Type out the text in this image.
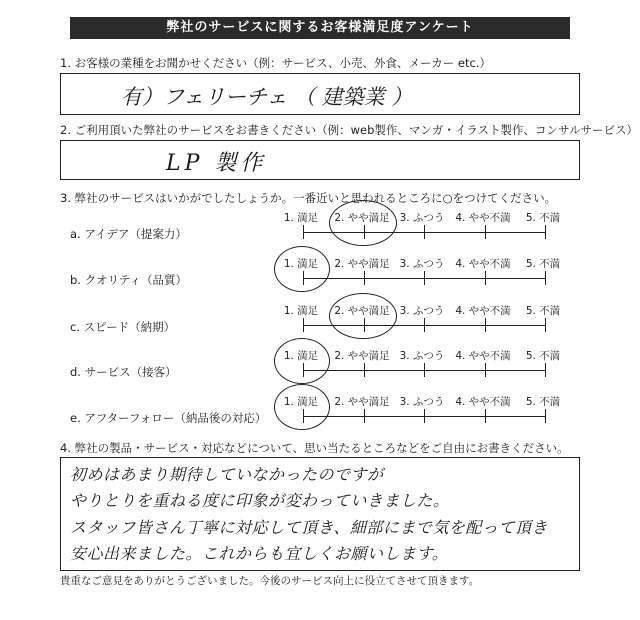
弊社のサービスに関するお客様満足度アンケート
1. お客様の業種をお聞かせください（例：サービス、小売、外食、メーカー etc.）
有）フェリーチェ （ 建築業 ）
2. ご利用頂いた弊社のサービスをお書きください（例：web製作、マンガ・イラスト製作、コンサルサービス）
LP 製作
3. 弊社のサービスはいかがでしたしょうか。一番近いと思われるところに○をつけてください。
a. アイデア（提案力）
1. 満足 2. やや満足 3. ふつう 4. やや不満 5. 不満
b. クオリティ（品質）
1. 満足 2. やや満足 3. ふつう 4. やや不満 5. 不満
c. スピード（納期）
1. 満足 2. やや満足 3. ふつう 4. やや不満 5. 不満
d. サービス（接客）
1. 満足 2. やや満足 3. ふつう 4. やや不満 5. 不満
e. アフターフォロー（納品後の対応）
1. 満足 2. やや満足 3. ふつう 4. やや不満 5. 不満
4. 弊社の製品・サービス・対応などについて、思い当たるところなどをご自由にお書きください。
初めはあまり期待していなかったのですが
やりとりを重ねる度に印象が変わっていきました。
スタッフ皆さん丁寧に対応して頂き、細部にまで気を配って頂き
安心出来ました。これからも宜しくお願いします。
貴重なご意見をありがとうございました。今後のサービス向上に役立てさせて頂きます。
